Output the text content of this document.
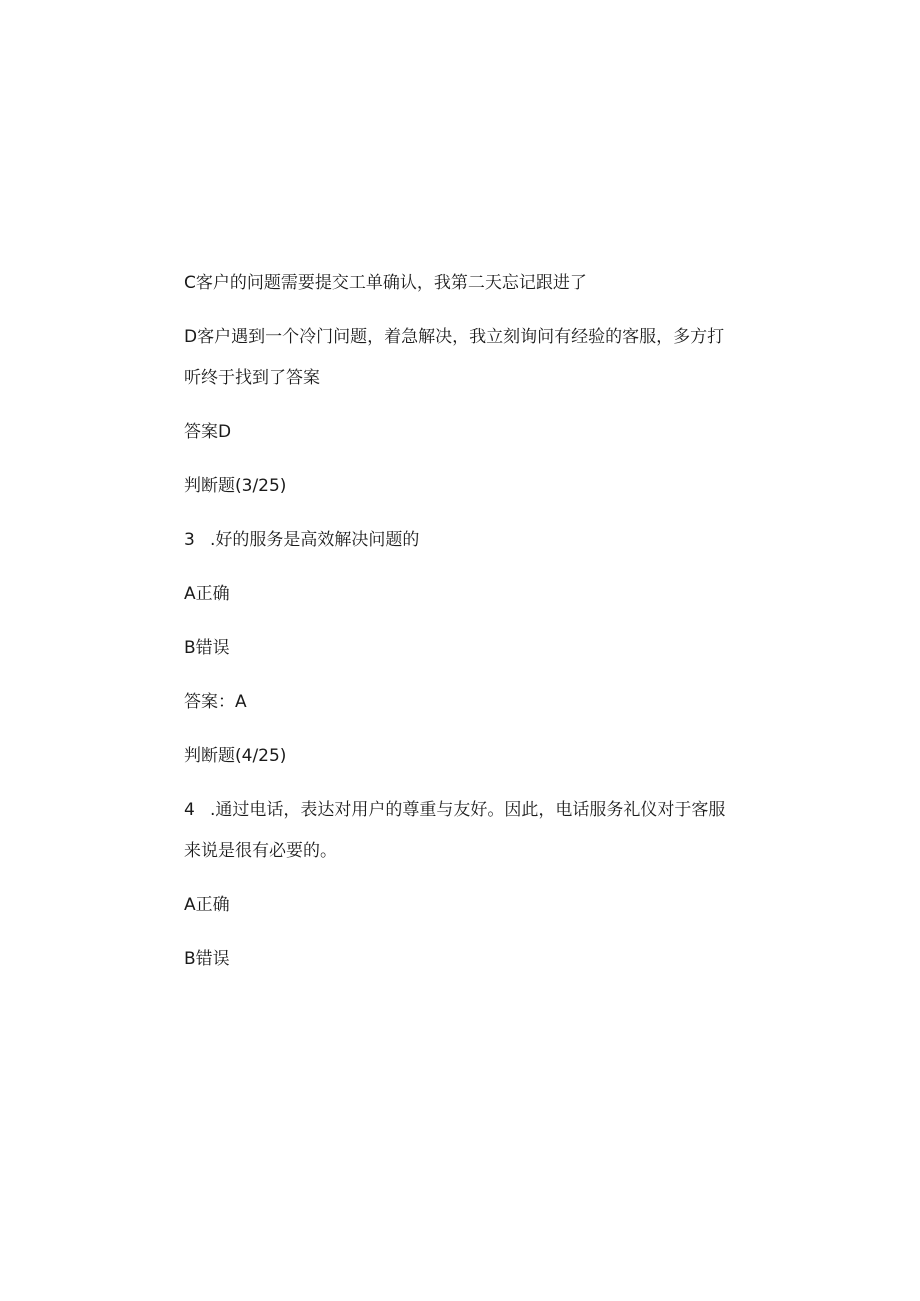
C客户的问题需要提交工单确认，我第二天忘记跟进了
D客户遇到一个冷门问题，着急解决，我立刻询问有经验的客服，多方打
听终于找到了答案
答案D
判断题(3/25)
3 .好的服务是高效解决问题的
A正确
B错误
答案：A
判断题(4/25)
4 .通过电话，表达对用户的尊重与友好。因此，电话服务礼仪对于客服
来说是很有必要的。
A正确
B错误
